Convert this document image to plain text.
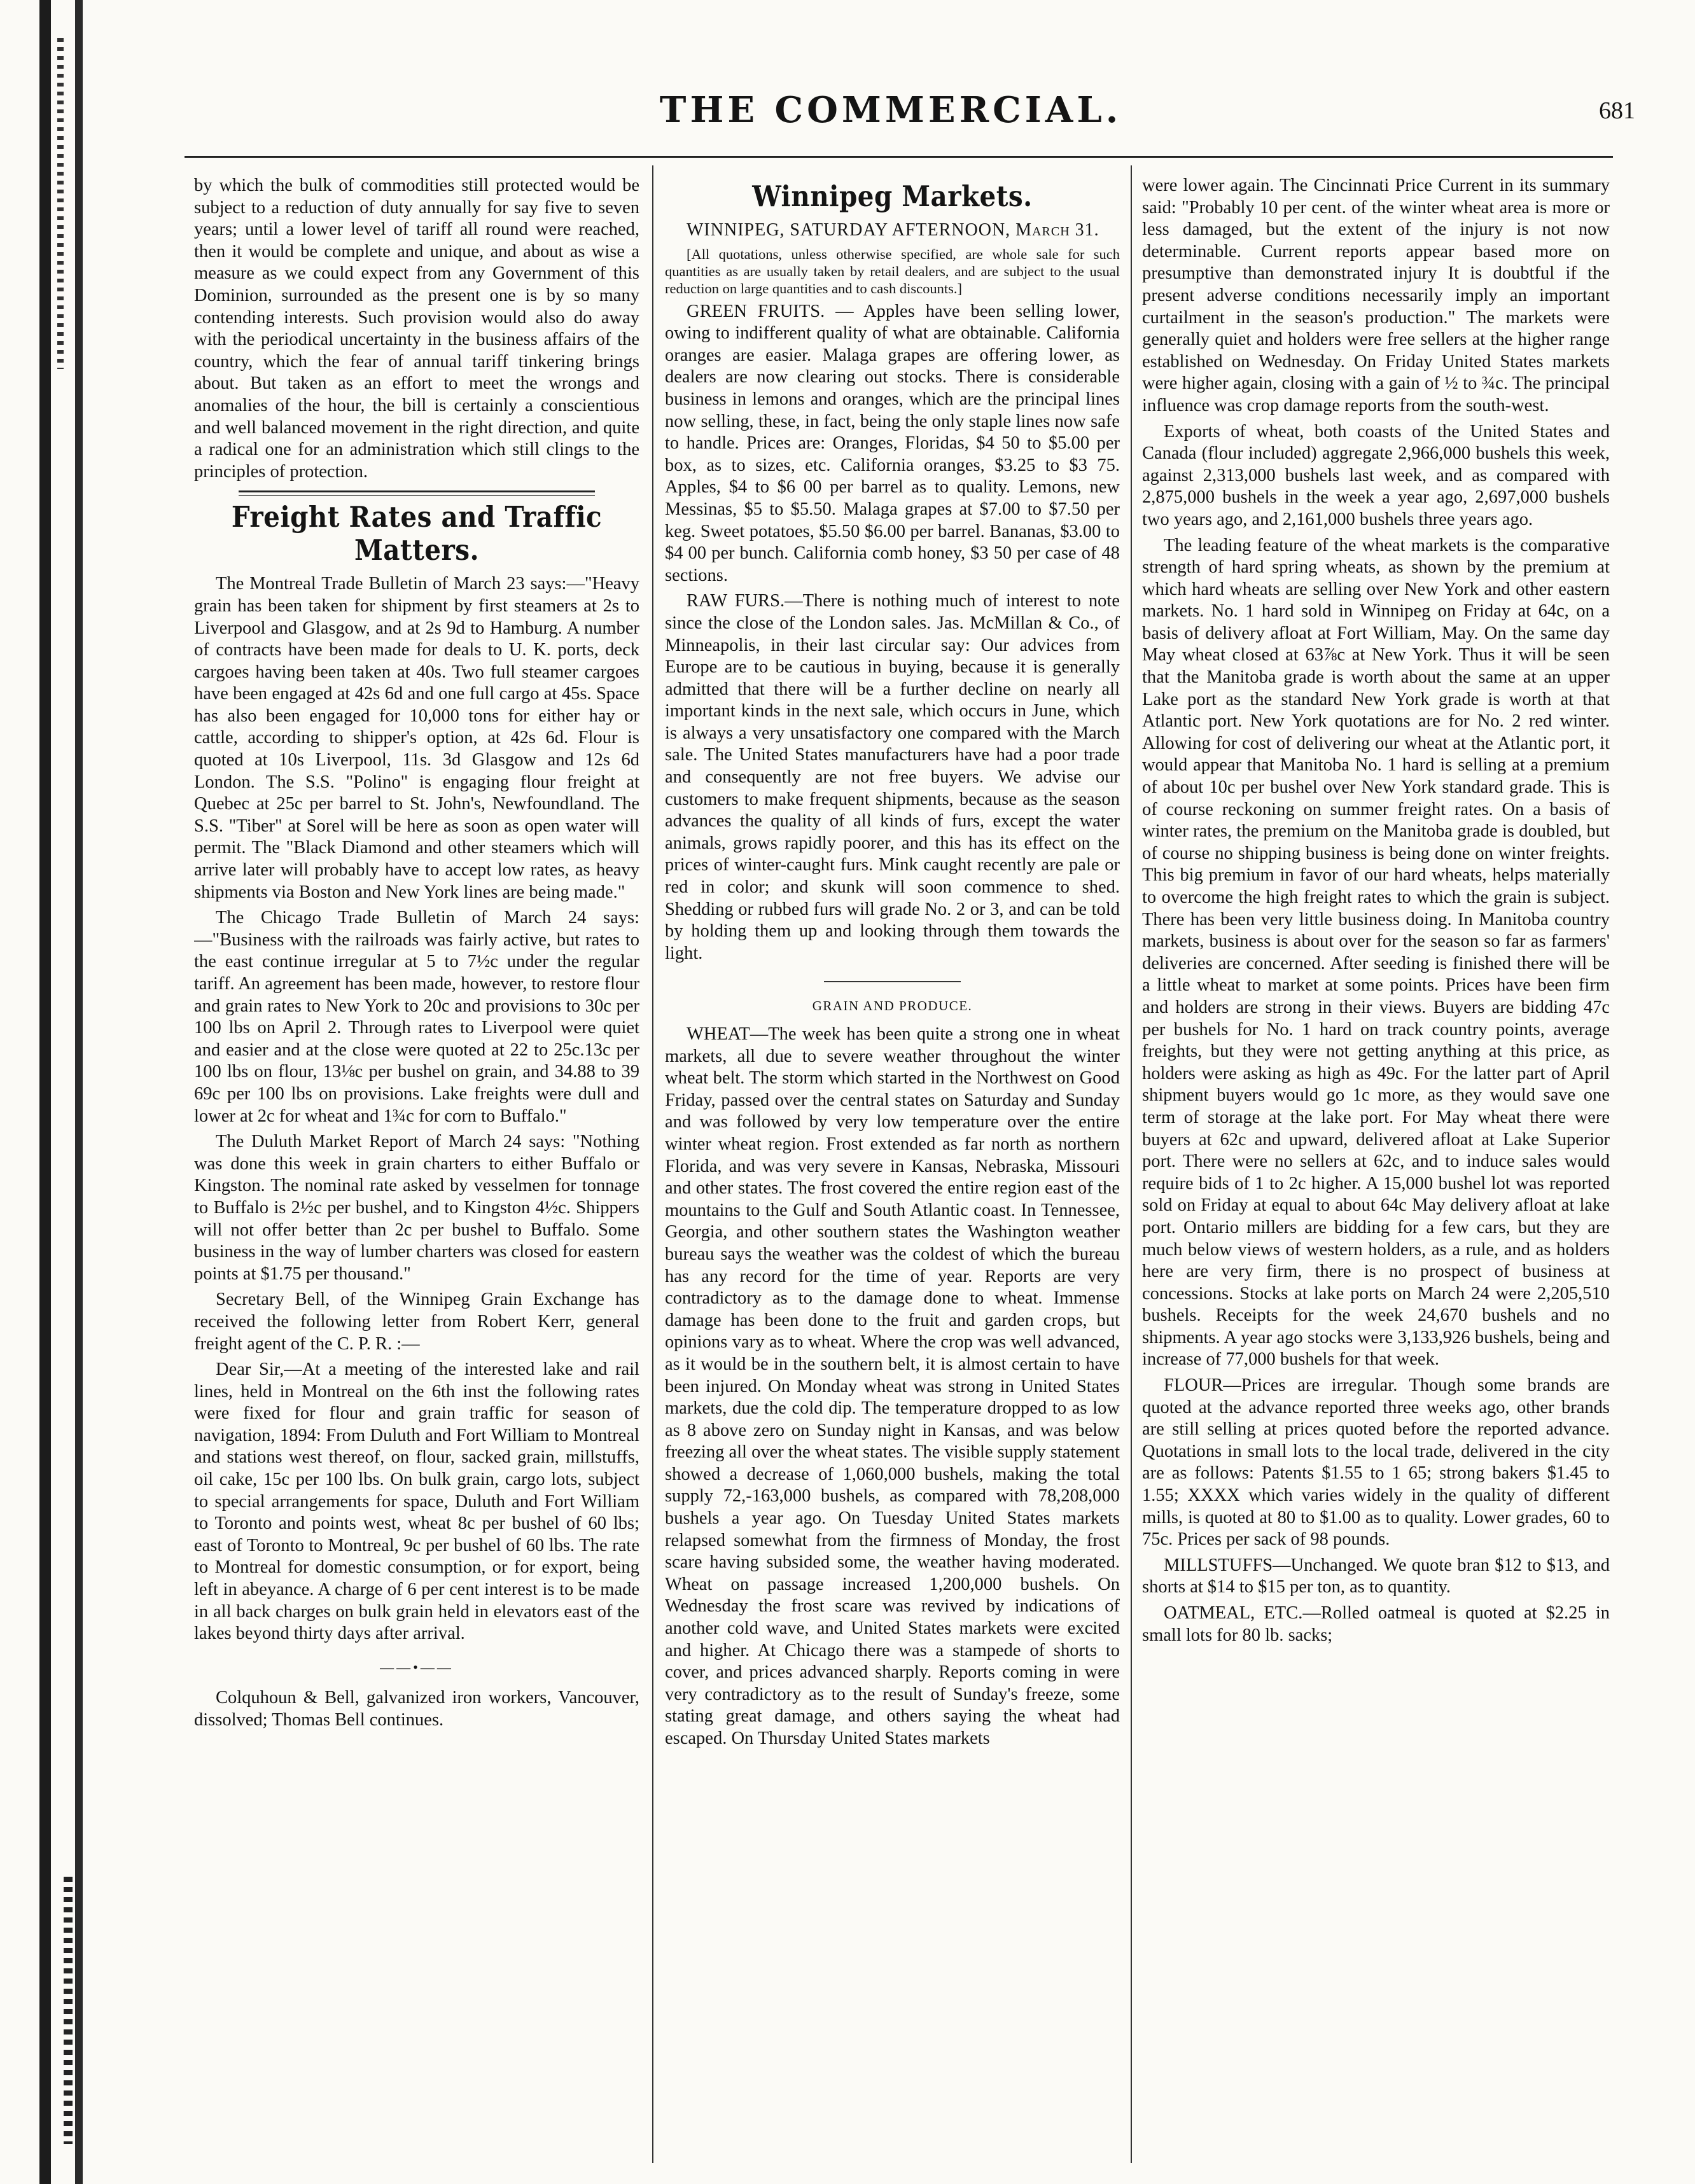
THE COMMERCIAL.	681

by which the bulk of commodities still protected would be subject to a reduction of duty annually for say five to seven years; until a lower level of tariff all round were reached, then it would be complete and unique, and about as wise a measure as we could expect from any Government of this Dominion, surrounded as the present one is by so many contending interests. Such provision would also do away with the periodical uncertainty in the business affairs of the country, which the fear of annual tariff tinkering brings about. But taken as an effort to meet the wrongs and anomalies of the hour, the bill is certainly a conscientious and well balanced movement in the right direction, and quite a radical one for an administration which still clings to the principles of protection.

Freight Rates and Traffic Matters.

The Montreal Trade Bulletin of March 23 says:—"Heavy grain has been taken for shipment by first steamers at 2s to Liverpool and Glasgow, and at 2s 9d to Hamburg. A number of contracts have been made for deals to U. K. ports, deck cargoes having been taken at 40s. Two full steamer cargoes have been engaged at 42s 6d and one full cargo at 45s. Space has also been engaged for 10,000 tons for either hay or cattle, according to shipper's option, at 42s 6d. Flour is quoted at 10s Liverpool, 11s. 3d Glasgow and 12s 6d London. The S.S. "Polino" is engaging flour freight at Quebec at 25c per barrel to St. John's, Newfoundland. The S.S. "Tiber" at Sorel will be here as soon as open water will permit. The "Black Diamond and other steamers which will arrive later will probably have to accept low rates, as heavy shipments via Boston and New York lines are being made."

The Chicago Trade Bulletin of March 24 says:—"Business with the railroads was fairly active, but rates to the east continue irregular at 5 to 7½c under the regular tariff. An agreement has been made, however, to restore flour and grain rates to New York to 20c and provisions to 30c per 100 lbs on April 2. Through rates to Liverpool were quiet and easier and at the close were quoted at 22 to 25c.13c per 100 lbs on flour, 13⅛c per bushel on grain, and 34.88 to 39 69c per 100 lbs on provisions. Lake freights were dull and lower at 2c for wheat and 1¾c for corn to Buffalo."

The Duluth Market Report of March 24 says: "Nothing was done this week in grain charters to either Buffalo or Kingston. The nominal rate asked by vesselmen for tonnage to Buffalo is 2½c per bushel, and to Kingston 4½c. Shippers will not offer better than 2c per bushel to Buffalo. Some business in the way of lumber charters was closed for eastern points at $1.75 per thousand."

Secretary Bell, of the Winnipeg Grain Exchange has received the following letter from Robert Kerr, general freight agent of the C. P. R. :—

Dear Sir,—At a meeting of the interested lake and rail lines, held in Montreal on the 6th inst the following rates were fixed for flour and grain traffic for season of navigation, 1894: From Duluth and Fort William to Montreal and stations west thereof, on flour, sacked grain, millstuffs, oil cake, 15c per 100 lbs. On bulk grain, cargo lots, subject to special arrangements for space, Duluth and Fort William to Toronto and points west, wheat 8c per bushel of 60 lbs; east of Toronto to Montreal, 9c per bushel of 60 lbs. The rate to Montreal for domestic consumption, or for export, being left in abeyance. A charge of 6 per cent interest is to be made in all back charges on bulk grain held in elevators east of the lakes beyond thirty days after arrival.

——•——

Colquhoun & Bell, galvanized iron workers, Vancouver, dissolved; Thomas Bell continues.

Winnipeg Markets.

WINNIPEG, SATURDAY AFTERNOON, March 31.

[All quotations, unless otherwise specified, are whole sale for such quantities as are usually taken by retail dealers, and are subject to the usual reduction on large quantities and to cash discounts.]

GREEN FRUITS. — Apples have been selling lower, owing to indifferent quality of what are obtainable. California oranges are easier. Malaga grapes are offering lower, as dealers are now clearing out stocks. There is considerable business in lemons and oranges, which are the principal lines now selling, these, in fact, being the only staple lines now safe to handle. Prices are: Oranges, Floridas, $4 50 to $5.00 per box, as to sizes, etc. California oranges, $3.25 to $3 75. Apples, $4 to $6 00 per barrel as to quality. Lemons, new Messinas, $5 to $5.50. Malaga grapes at $7.00 to $7.50 per keg. Sweet potatoes, $5.50 $6.00 per barrel. Bananas, $3.00 to $4 00 per bunch. California comb honey, $3 50 per case of 48 sections.

RAW FURS.—There is nothing much of interest to note since the close of the London sales. Jas. McMillan & Co., of Minneapolis, in their last circular say: Our advices from Europe are to be cautious in buying, because it is generally admitted that there will be a further decline on nearly all important kinds in the next sale, which occurs in June, which is always a very unsatisfactory one compared with the March sale. The United States manufacturers have had a poor trade and consequently are not free buyers. We advise our customers to make frequent shipments, because as the season advances the quality of all kinds of furs, except the water animals, grows rapidly poorer, and this has its effect on the prices of winter-caught furs. Mink caught recently are pale or red in color; and skunk will soon commence to shed. Shedding or rubbed furs will grade No. 2 or 3, and can be told by holding them up and looking through them towards the light.

GRAIN AND PRODUCE.

WHEAT—The week has been quite a strong one in wheat markets, all due to severe weather throughout the winter wheat belt. The storm which started in the Northwest on Good Friday, passed over the central states on Saturday and Sunday and was followed by very low temperature over the entire winter wheat region. Frost extended as far north as northern Florida, and was very severe in Kansas, Nebraska, Missouri and other states. The frost covered the entire region east of the mountains to the Gulf and South Atlantic coast. In Tennessee, Georgia, and other southern states the Washington weather bureau says the weather was the coldest of which the bureau has any record for the time of year. Reports are very contradictory as to the damage done to wheat. Immense damage has been done to the fruit and garden crops, but opinions vary as to wheat. Where the crop was well advanced, as it would be in the southern belt, it is almost certain to have been injured. On Monday wheat was strong in United States markets, due the cold dip. The temperature dropped to as low as 8 above zero on Sunday night in Kansas, and was below freezing all over the wheat states. The visible supply statement showed a decrease of 1,060,000 bushels, making the total supply 72,-163,000 bushels, as compared with 78,208,000 bushels a year ago. On Tuesday United States markets relapsed somewhat from the firmness of Monday, the frost scare having subsided some, the weather having moderated. Wheat on passage increased 1,200,000 bushels. On Wednesday the frost scare was revived by indications of another cold wave, and United States markets were excited and higher. At Chicago there was a stampede of shorts to cover, and prices advanced sharply. Reports coming in were very contradictory as to the result of Sunday's freeze, some stating great damage, and others saying the wheat had escaped. On Thursday United States markets

were lower again. The Cincinnati Price Current in its summary said: "Probably 10 per cent. of the winter wheat area is more or less damaged, but the extent of the injury is not now determinable. Current reports appear based more on presumptive than demonstrated injury It is doubtful if the present adverse conditions necessarily imply an important curtailment in the season's production." The markets were generally quiet and holders were free sellers at the higher range established on Wednesday. On Friday United States markets were higher again, closing with a gain of ½ to ¾c. The principal influence was crop damage reports from the south-west.

Exports of wheat, both coasts of the United States and Canada (flour included) aggregate 2,966,000 bushels this week, against 2,313,000 bushels last week, and as compared with 2,875,000 bushels in the week a year ago, 2,697,000 bushels two years ago, and 2,161,000 bushels three years ago.

The leading feature of the wheat markets is the comparative strength of hard spring wheats, as shown by the premium at which hard wheats are selling over New York and other eastern markets. No. 1 hard sold in Winnipeg on Friday at 64c, on a basis of delivery afloat at Fort William, May. On the same day May wheat closed at 63⅞c at New York. Thus it will be seen that the Manitoba grade is worth about the same at an upper Lake port as the standard New York grade is worth at that Atlantic port. New York quotations are for No. 2 red winter. Allowing for cost of delivering our wheat at the Atlantic port, it would appear that Manitoba No. 1 hard is selling at a premium of about 10c per bushel over New York standard grade. This is of course reckoning on summer freight rates. On a basis of winter rates, the premium on the Manitoba grade is doubled, but of course no shipping business is being done on winter freights. This big premium in favor of our hard wheats, helps materially to overcome the high freight rates to which the grain is subject. There has been very little business doing. In Manitoba country markets, business is about over for the season so far as farmers' deliveries are concerned. After seeding is finished there will be a little wheat to market at some points. Prices have been firm and holders are strong in their views. Buyers are bidding 47c per bushels for No. 1 hard on track country points, average freights, but they were not getting anything at this price, as holders were asking as high as 49c. For the latter part of April shipment buyers would go 1c more, as they would save one term of storage at the lake port. For May wheat there were buyers at 62c and upward, delivered afloat at Lake Superior port. There were no sellers at 62c, and to induce sales would require bids of 1 to 2c higher. A 15,000 bushel lot was reported sold on Friday at equal to about 64c May delivery afloat at lake port. Ontario millers are bidding for a few cars, but they are much below views of western holders, as a rule, and as holders here are very firm, there is no prospect of business at concessions. Stocks at lake ports on March 24 were 2,205,510 bushels. Receipts for the week 24,670 bushels and no shipments. A year ago stocks were 3,133,926 bushels, being and increase of 77,000 bushels for that week.

FLOUR—Prices are irregular. Though some brands are quoted at the advance reported three weeks ago, other brands are still selling at prices quoted before the reported advance. Quotations in small lots to the local trade, delivered in the city are as follows: Patents $1.55 to 1 65; strong bakers $1.45 to 1.55; XXXX which varies widely in the quality of different mills, is quoted at 80 to $1.00 as to quality. Lower grades, 60 to 75c. Prices per sack of 98 pounds.

MILLSTUFFS—Unchanged. We quote bran $12 to $13, and shorts at $14 to $15 per ton, as to quantity.

OATMEAL, ETC.—Rolled oatmeal is quoted at $2.25 in small lots for 80 lb. sacks;
